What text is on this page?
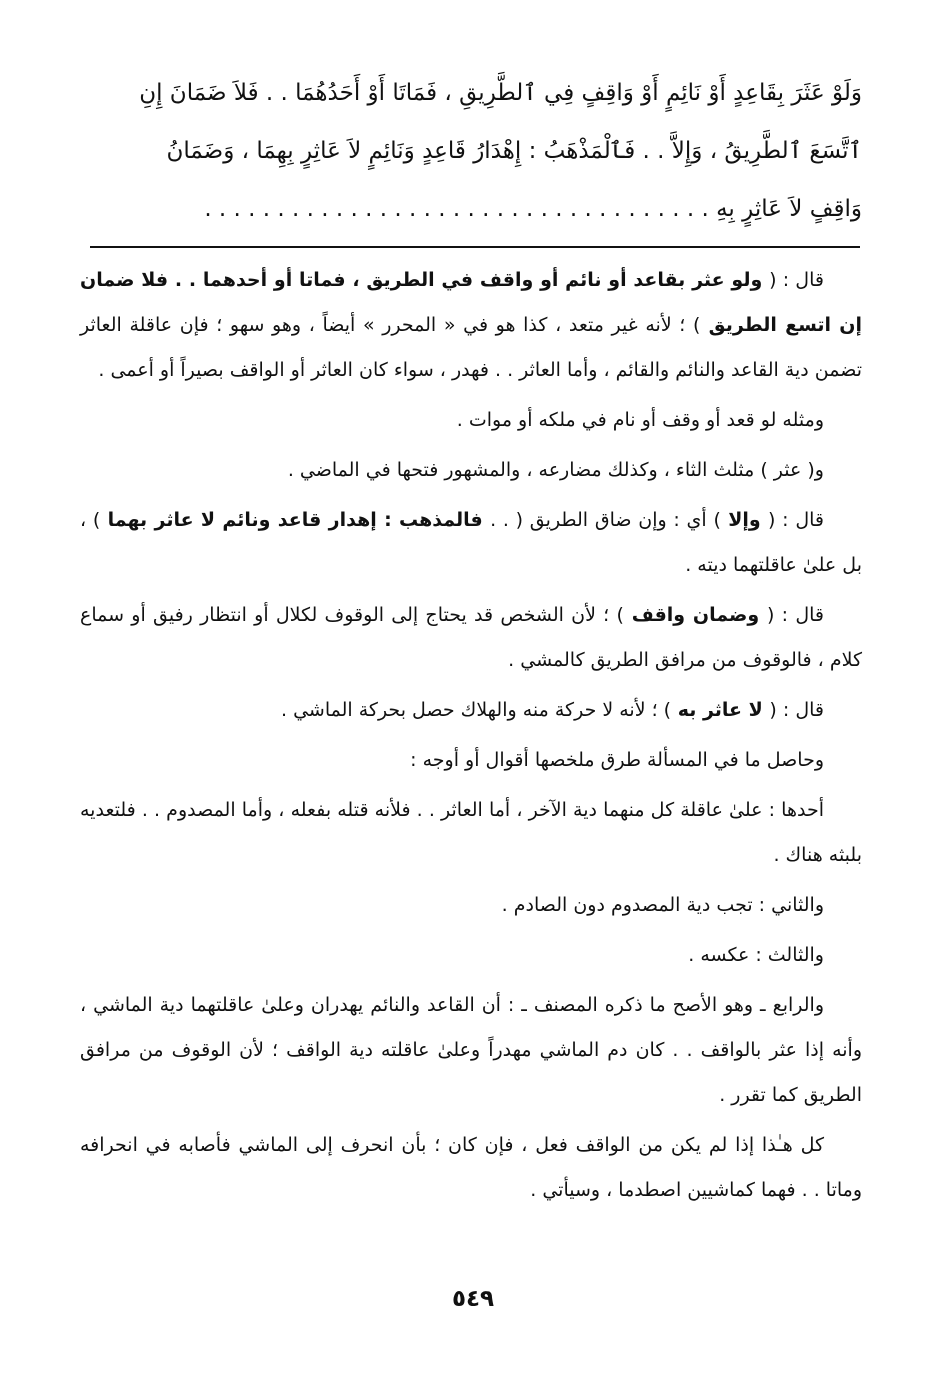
وَلَوْ عَثَرَ بِقَاعِدٍ أَوْ نَائِمٍ أَوْ وَاقِفٍ فِي ٱلطَّرِيقِ ، فَمَاتَا أَوْ أَحَدُهُمَا . . فَلاَ ضَمَانَ إِنِ

ٱتَّسَعَ ٱلطَّرِيقُ ، وَإِلاَّ . . فَٱلْمَذْهَبُ : إِهْدَارُ قَاعِدٍ وَنَائِمٍ لاَ عَاثِرٍ بِهِمَا ، وَضَمَانُ

وَاقِفٍ لاَ عَاثِرٍ بِهِ . . . . . . . . . . . . . . . . . . . . . . . . . . . . . . . . . . .

قال : ( ولو عثر بقاعد أو نائم أو واقف في الطريق ، فماتا أو أحدهما . . فلا ضمان إن اتسع الطريق ) ؛ لأنه غير متعد ، كذا هو في « المحرر » أيضاً ، وهو سهو ؛ فإن عاقلة العاثر تضمن دية القاعد والنائم والقائم ، وأما العاثر . . فهدر ، سواء كان العاثر أو الواقف بصيراً أو أعمى .

ومثله لو قعد أو وقف أو نام في ملكه أو موات .

و( عثر ) مثلث الثاء ، وكذلك مضارعه ، والمشهور فتحها في الماضي .

قال : ( وإلا ) أي : وإن ضاق الطريق ( . . فالمذهب : إهدار قاعد ونائم لا عاثر بهما ) ، بل علىٰ عاقلتهما ديته .

قال : ( وضمان واقف ) ؛ لأن الشخص قد يحتاج إلى الوقوف لكلال أو انتظار رفيق أو سماع كلام ، فالوقوف من مرافق الطريق كالمشي .

قال : ( لا عاثر به ) ؛ لأنه لا حركة منه والهلاك حصل بحركة الماشي .

وحاصل ما في المسألة طرق ملخصها أقوال أو أوجه :

أحدها : علىٰ عاقلة كل منهما دية الآخر ، أما العاثر . . فلأنه قتله بفعله ، وأما المصدوم . . فلتعديه بلبثه هناك .

والثاني : تجب دية المصدوم دون الصادم .

والثالث : عكسه .

والرابع ـ وهو الأصح ما ذكره المصنف ـ : أن القاعد والنائم يهدران وعلىٰ عاقلتهما دية الماشي ، وأنه إذا عثر بالواقف . . كان دم الماشي مهدراً وعلىٰ عاقلته دية الواقف ؛ لأن الوقوف من مرافق الطريق كما تقرر .

كل هـٰذا إذا لم يكن من الواقف فعل ، فإن كان ؛ بأن انحرف إلى الماشي فأصابه في انحرافه وماتا . . فهما كماشيين اصطدما ، وسيأتي .

٥٤٩
